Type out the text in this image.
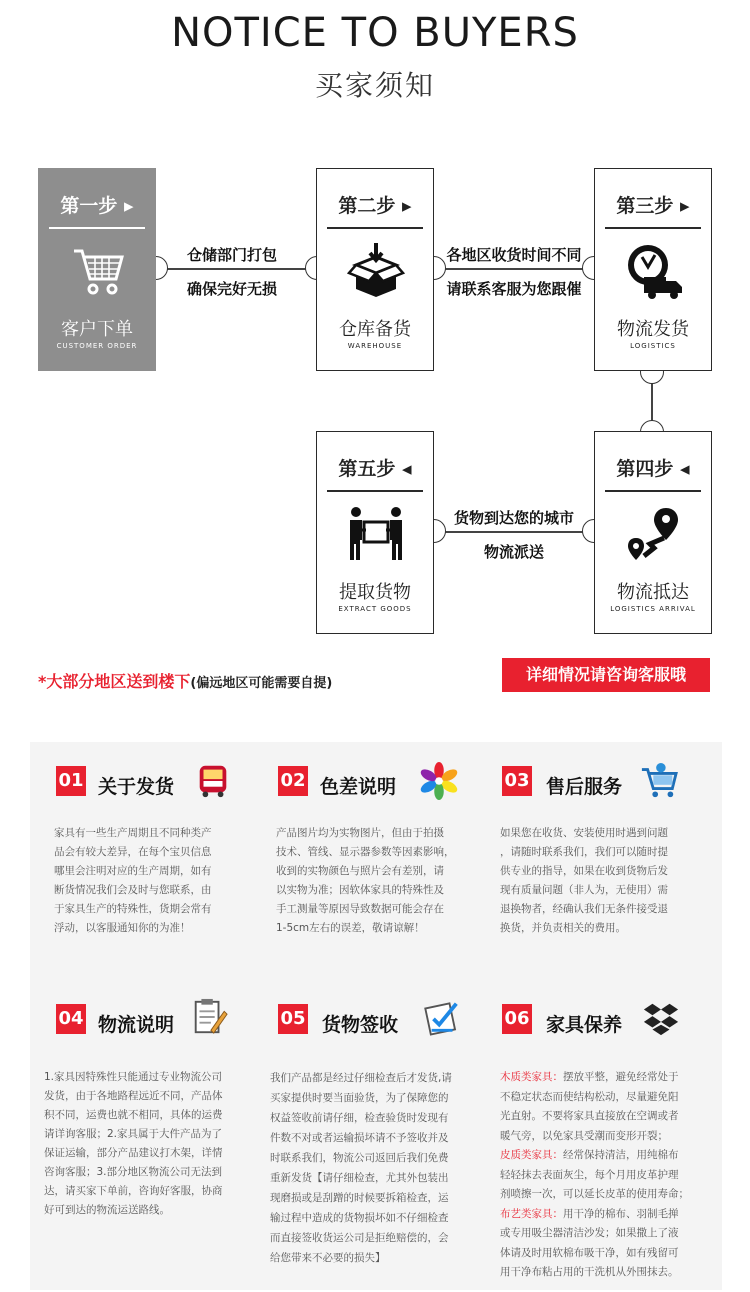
NOTICE TO BUYERS
买家须知
仓储部门打包
确保完好无损
各地区收货时间不同
请联系客服为您跟催
货物到达您的城市
物流派送
第一步 ▸
客户下单
CUSTOMER ORDER
第二步 ▸
仓库备货
WAREHOUSE
第三步 ▸
物流发货
LOGISTICS
第四步 ◂
物流抵达
LOGISTICS ARRIVAL
第五步 ◂
提取货物
EXTRACT GOODS
*大部分地区送到楼下(偏远地区可能需要自提)	详细情况请咨询客服哦
01 关于发货
家具有一些生产周期且不同种类产
品会有较大差异，在每个宝贝信息
哪里会注明对应的生产周期，如有
断货情况我们会及时与您联系，由
于家具生产的特殊性，货期会常有
浮动，以客服通知你的为准！
02 色差说明
产品图片均为实物图片，但由于拍摄
技术、管线、显示器参数等因素影响，
收到的实物颜色与照片会有差别，请
以实物为准；因软体家具的特殊性及
手工测量等原因导致数据可能会存在
1-5cm左右的误差，敬请谅解！
03 售后服务
如果您在收货、安装使用时遇到问题
，请随时联系我们，我们可以随时提
供专业的指导，如果在收到货物后发
现有质量问题（非人为，无使用）需
退换物者，经确认我们无条件接受退
换货，并负责相关的费用。
04 物流说明
1.家具因特殊性只能通过专业物流公司
发货，由于各地路程远近不同，产品体
积不同，运费也就不相同，具体的运费
请详询客服；2.家具属于大件产品为了
保证运输，部分产品建议打木架，详情
咨询客服；3.部分地区物流公司无法到
达，请买家下单前，咨询好客服，协商
好可到达的物流运送路线。
05 货物签收
我们产品都是经过仔细检查后才发货,请
买家提供时要当面验货，为了保障您的
权益签收前请仔细，检查验货时发现有
件数不对或者运输损坏请不予签收并及
时联系我们，物流公司返回后我们免费
重新发货【请仔细检查，尤其外包装出
现磨损或是刮蹭的时候要拆箱检查，运
输过程中造成的货物损坏如不仔细检查
而直接签收货运公司是拒绝赔偿的，会
给您带来不必要的损失】
06 家具保养
木质类家具：摆放平整，避免经常处于
不稳定状态而使结构松动，尽量避免阳
光直射。不要将家具直接放在空调或者
暖气旁，以免家具受潮而变形开裂；
皮质类家具：经常保持清洁，用纯棉布
轻轻抹去表面灰尘，每个月用皮革护理
剂喷擦一次，可以延长皮革的使用寿命；
布艺类家具：用干净的棉布、羽制毛掸
或专用吸尘器清洁沙发；如果撒上了液
体请及时用软棉布吸干净，如有残留可
用干净布粘占用的干洗机从外围抹去。
